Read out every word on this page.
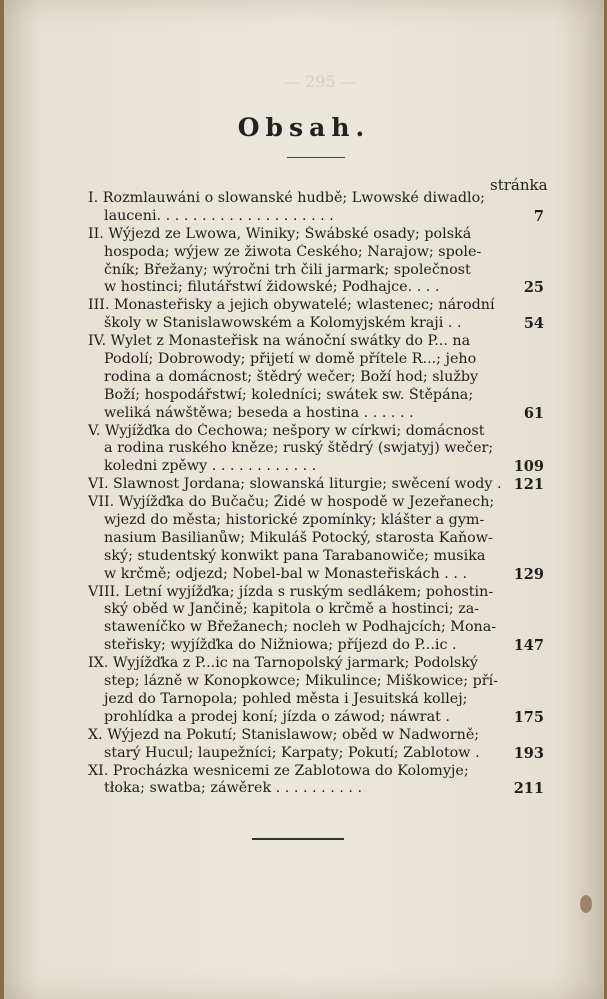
— 295 —
Obsah.
stránka
I. Rozmlauwáni o slowanské hudbě; Lwowské diwadlo;
lauceni. . . . . . . . . . . . . . . . . . . .	7
II. Wýjezd ze Lwowa, Winiky; Šwábské osady; polská
hospoda; wýjew ze žiwota Českého; Narajow; spole-
čník; Břežany; wýročnі trh čili jarmark; společnost
w hostinci; filutářstwí židowské; Podhajce. . . .	25
III. Monastеřisky a jejich obywatelé; wlastenec; národní
školy w Stanislawowském a Kolomyjském kraji . .	54
IV. Wylet z Monastеřisk na wánoční swátky do P... na
Podolí; Dobrowody; přijetí w domě přítele R...; jeho
rodina a domácnost; štědrý wečer; Boží hod; služby
Boží; hospodářstwí; koledníci; swátek sw. Štěpána;
weliká náwštěwa; beseda a hostina . . . . . .	61
V. Wyjížďka do Čechowa; nešpory w církwi; domácnost
a rodina ruského kněze; ruský štědrý (swjatyj) wečer;
koledni zpěwy . . . . . . . . . . . .	109
VI. Slawnost Jordana; slowanská liturgie; swěcení wody . 121
VII. Wyjížďka do Bučaču; Židé w hospodě w Jezeřanech;
wjezd do města; historické zpomínky; klášter a gym-
nasium Basilianůw; Mikuláš Potocký, starosta Kaňow-
ský; studentský konwikt pana Tarabanowiče; musika
w krčmě; odjezd; Nobel-bal w Monastеřiskách . . .	129
VIII. Letní wyjížďka; jízda s ruským sedlákem; pohostin-
ský oběd w Jančině; kapitola o krčmě a hostinci; za-
staweníčko w Břežanech; nocleh w Podhajcích; Mona-
stеřisky; wyjížďka do Nižniowa; příjezd do P...ic .	147
IX. Wyjížďka z P...ic na Tarnopolský jarmark; Podolský
step; lázně w Konopkowce; Mikulince; Miškowice; pří-
jezd do Tarnopola; pohled města i Jesuitská kollej;
prohlídka a prodej koní; jízda o záwod; náwrat .	175
X. Wýjezd na Pokutí; Stanislawow; oběd w Nadworně;
starý Hucul; laupežníci; Karpaty; Pokutí; Zablotow .	193
XI. Procházka wesnicemi ze Zablotowa do Kolomyje;
tłoka; swatba; záwěrek . . . . . . . . . .	211
